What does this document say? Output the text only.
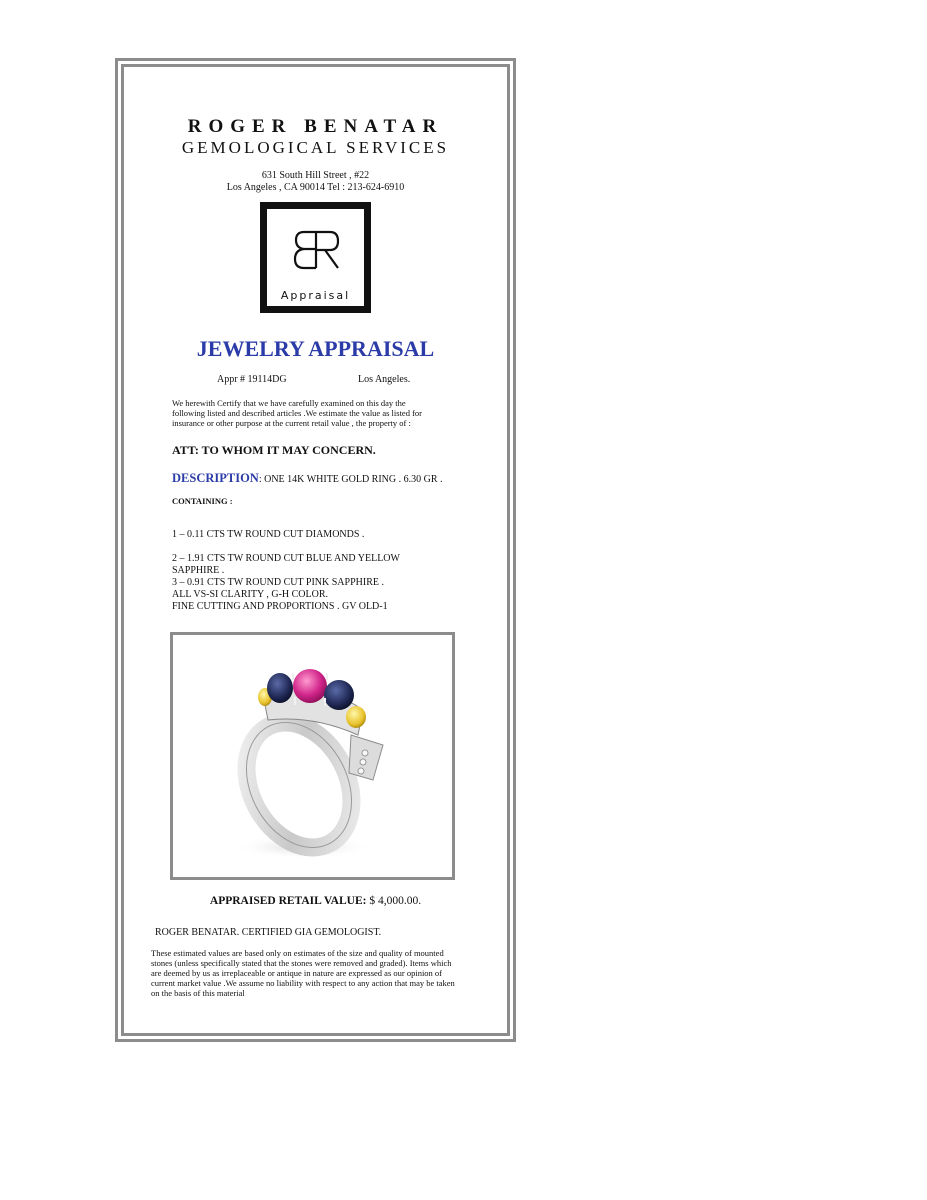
ROGER BENATAR
GEMOLOGICAL SERVICES
631 South Hill Street , #22
Los Angeles , CA 90014 Tel : 213-624-6910
Appraisal
JEWELRY APPRAISAL
Appr # 19114DG	Los Angeles.
We herewith Certify that we have carefully examined on this day the
following listed and described articles .We estimate the value as listed for
insurance or other purpose at the current retail value , the property of :
ATT: TO WHOM IT MAY CONCERN.
DESCRIPTION: ONE 14K WHITE GOLD RING . 6.30 GR .
CONTAINING :
1 – 0.11 CTS TW ROUND CUT DIAMONDS .
2 – 1.91 CTS TW ROUND CUT BLUE AND YELLOW
SAPPHIRE .
3 – 0.91 CTS TW ROUND CUT PINK SAPPHIRE .
ALL VS-SI CLARITY , G-H COLOR.
FINE CUTTING AND PROPORTIONS . GV OLD-1
APPRAISED RETAIL VALUE: $ 4,000.00.
ROGER BENATAR. CERTIFIED GIA GEMOLOGIST.
These estimated values are based only on estimates of the size and quality of mounted
stones (unless specifically stated that the stones were removed and graded). Items which
are deemed by us as irreplaceable or antique in nature are expressed as our opinion of
current market value .We assume no liability with respect to any action that may be taken
on the basis of this material
